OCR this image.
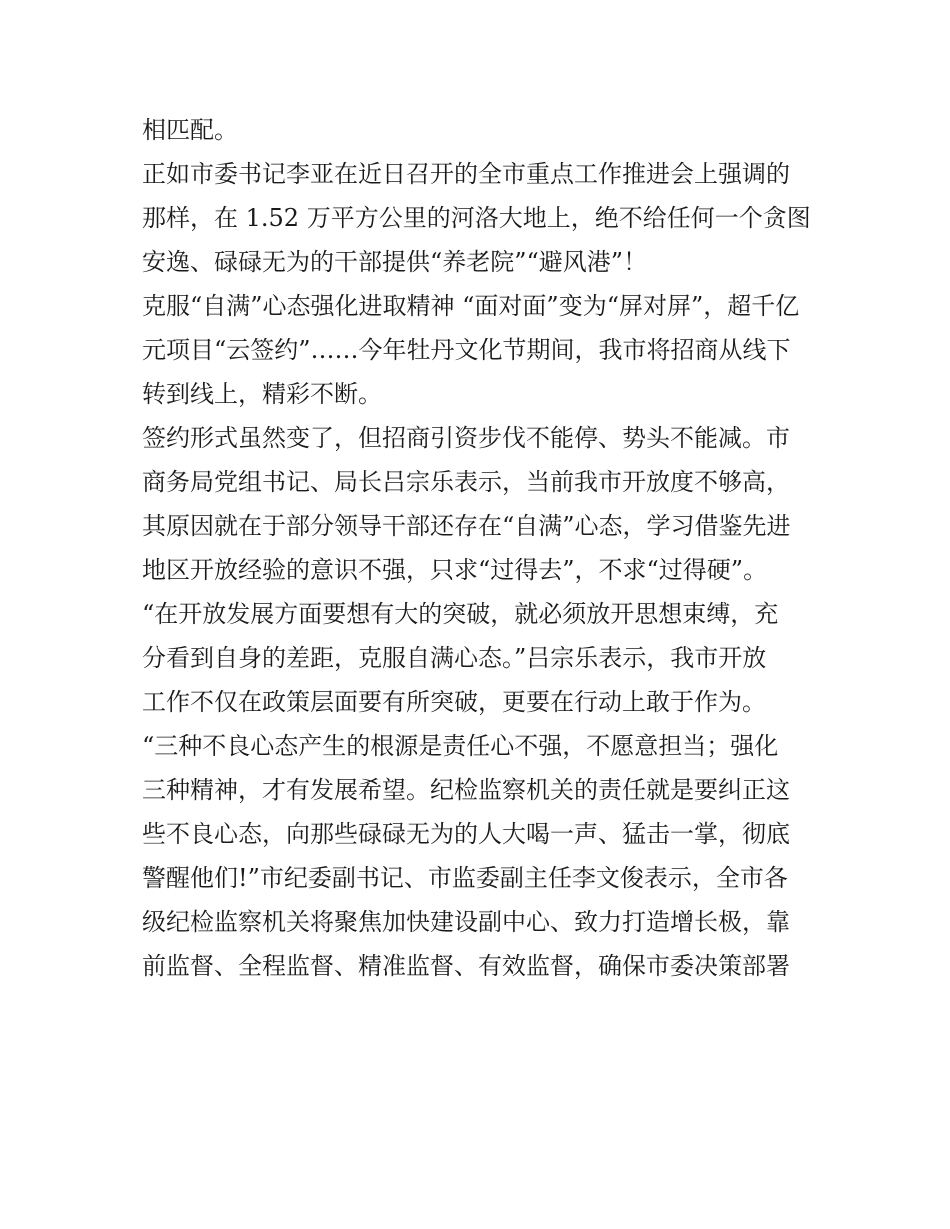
相匹配。
正如市委书记李亚在近日召开的全市重点工作推进会上强调的
那样，在 1.52 万平方公里的河洛大地上，绝不给任何一个贪图
安逸、碌碌无为的干部提供“养老院”“避风港”！
克服“自满”心态强化进取精神 “面对面”变为“屏对屏”，超千亿
元项目“云签约”……今年牡丹文化节期间，我市将招商从线下
转到线上，精彩不断。
签约形式虽然变了，但招商引资步伐不能停、势头不能减。市
商务局党组书记、局长吕宗乐表示，当前我市开放度不够高，
其原因就在于部分领导干部还存在“自满”心态，学习借鉴先进
地区开放经验的意识不强，只求“过得去”，不求“过得硬”。
“在开放发展方面要想有大的突破，就必须放开思想束缚，充
分看到自身的差距，克服自满心态。”吕宗乐表示，我市开放
工作不仅在政策层面要有所突破，更要在行动上敢于作为。
“三种不良心态产生的根源是责任心不强，不愿意担当；强化
三种精神，才有发展希望。纪检监察机关的责任就是要纠正这
些不良心态，向那些碌碌无为的人大喝一声、猛击一掌，彻底
警醒他们!”市纪委副书记、市监委副主任李文俊表示，全市各
级纪检监察机关将聚焦加快建设副中心、致力打造增长极，靠
前监督、全程监督、精准监督、有效监督，确保市委决策部署
